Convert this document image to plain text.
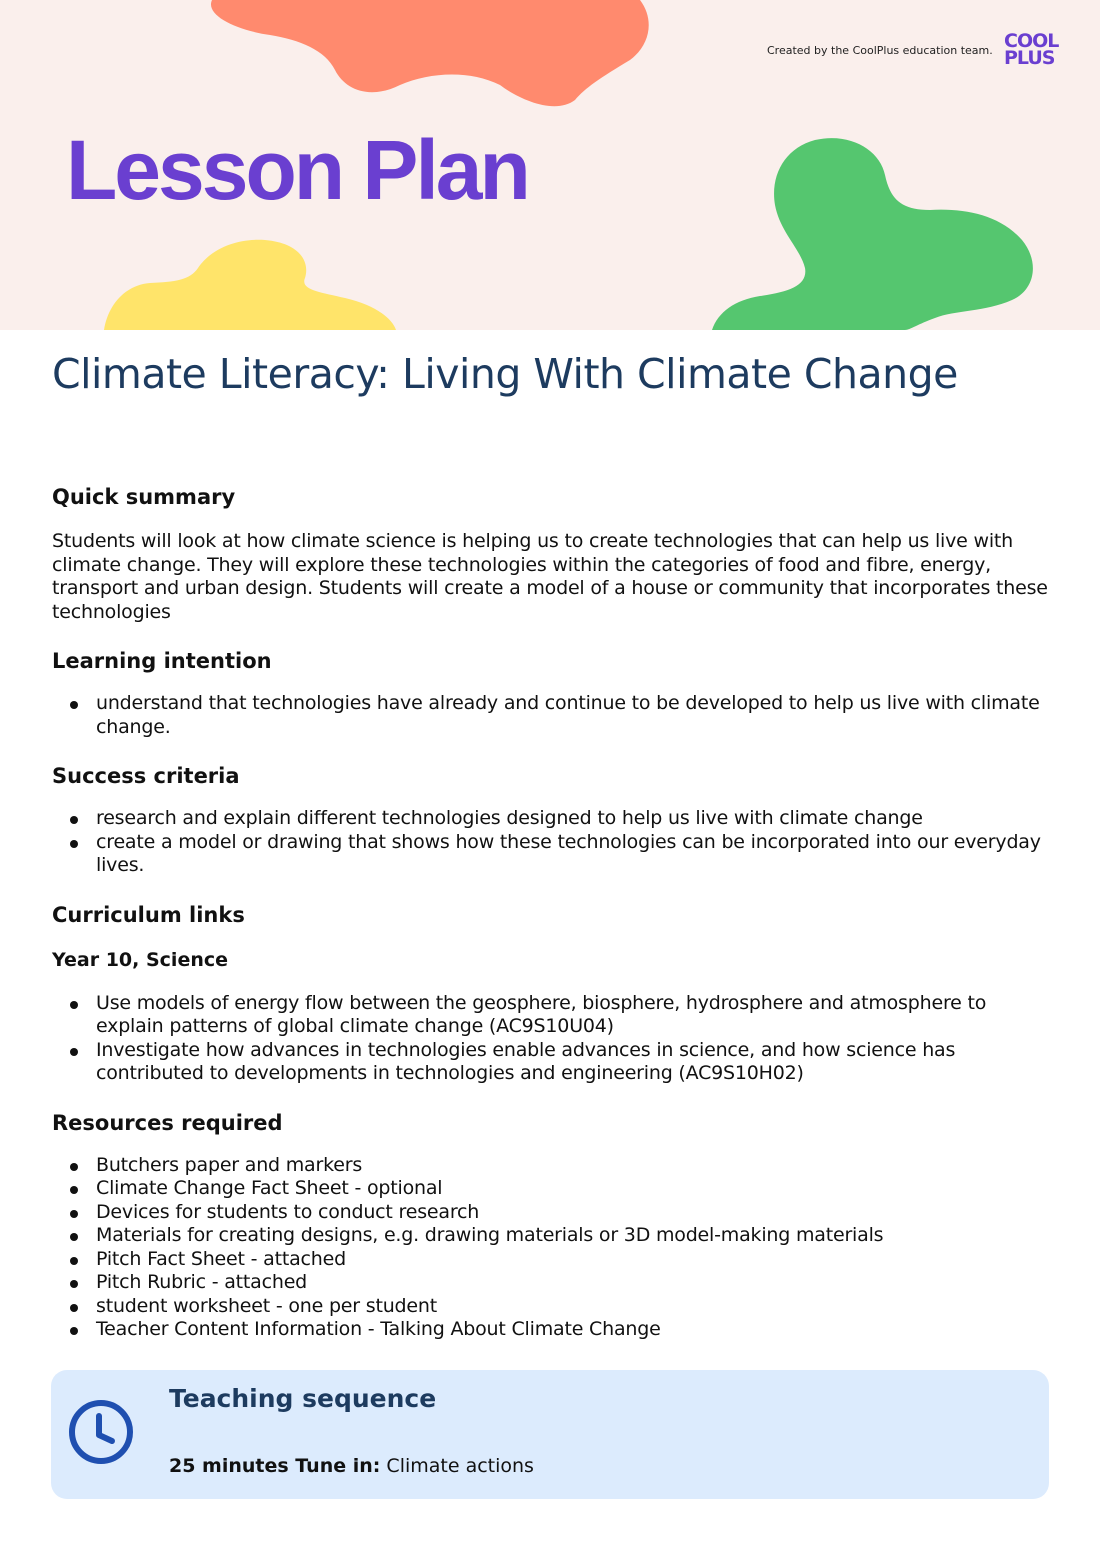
Created by the CoolPlus education team. COOL
PLUS
Lesson Plan
Climate Literacy: Living With Climate Change
Quick summary

Students will look at how climate science is helping us to create technologies that can help us live with climate change. They will explore these technologies within the categories of food and fibre, energy, transport and urban design. Students will create a model of a house or community that incorporates these technologies

Learning intention
understand that technologies have already and continue to be developed to help us live with climate change.
Success criteria
research and explain different technologies designed to help us live with climate change
create a model or drawing that shows how these technologies can be incorporated into our everyday lives.
Curriculum links
Year 10, Science
Use models of energy flow between the geosphere, biosphere, hydrosphere and atmosphere to explain patterns of global climate change (AC9S10U04)
Investigate how advances in technologies enable advances in science, and how science has contributed to developments in technologies and engineering (AC9S10H02)
Resources required
Butchers paper and markers
Climate Change Fact Sheet - optional
Devices for students to conduct research
Materials for creating designs, e.g. drawing materials or 3D model-making materials
Pitch Fact Sheet - attached
Pitch Rubric - attached
student worksheet - one per student
Teacher Content Information - Talking About Climate Change
Teaching sequence

25 minutes Tune in: Climate actions
